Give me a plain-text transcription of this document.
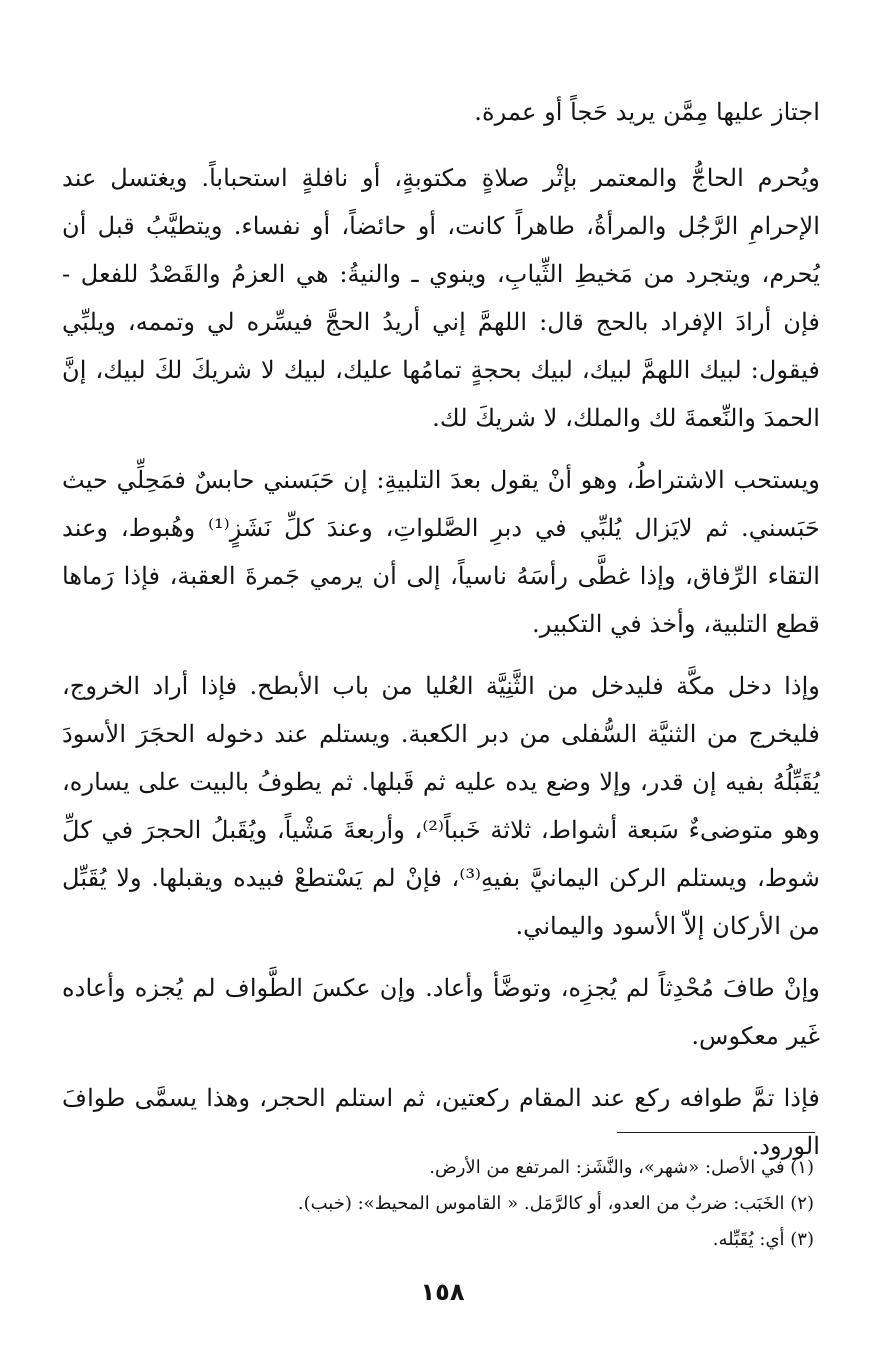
اجتاز عليها مِمَّن يريد حَجاً أو عمرة.

ويُحرم الحاجُّ والمعتمر بإثْر صلاةٍ مكتوبةٍ، أو نافلةٍ استحباباً. ويغتسل عند الإحرامِ الرَّجُل والمرأةُ، طاهراً كانت، أو حائضاً، أو نفساء. ويتطيَّبُ قبل أن يُحرم، ويتجرد من مَخيطِ الثِّيابِ، وينوي ـ والنيةُ: هي العزمُ والقَصْدُ للفعل - فإن أرادَ الإفراد بالحج قال: اللهمَّ إني أريدُ الحجَّ فيسِّره لي وتممه، ويلبِّي فيقول: لبيك اللهمَّ لبيك، لبيك بحجةٍ تمامُها عليك، لبيك لا شريكَ لكَ لبيك، إنَّ الحمدَ والنِّعمةَ لك والملك، لا شريكَ لك.

ويستحب الاشتراطُ، وهو أنْ يقول بعدَ التلبيةِ: إن حَبَسني حابسٌ فمَحِلِّي حيث حَبَسني. ثم لايَزال يُلبِّي في دبرِ الصَّلواتِ، وعندَ كلِّ نَشَزٍ⁽¹⁾ وهُبوط، وعند التقاء الرِّفاق، وإذا غطَّى رأسَهُ ناسياً، إلى أن يرمي جَمرةَ العقبة، فإذا رَماها قطع التلبية، وأخذ في التكبير.

وإذا دخل مكَّة فليدخل من الثَّنِيَّة العُليا من باب الأبطح. فإذا أراد الخروج، فليخرج من الثنيَّة السُّفلى من دبر الكعبة. ويستلم عند دخوله الحجَرَ الأسودَ يُقَبِّلُهُ بفيه إن قدر، وإلا وضع يده عليه ثم قَبلها. ثم يطوفُ بالبيت على يساره، وهو متوضىءٌ سَبعة أشواط، ثلاثة خَبباً⁽²⁾، وأربعةَ مَشْياً، ويُقَبلُ الحجرَ في كلِّ شوط، ويستلم الركن اليمانيَّ بفيهِ⁽³⁾، فإنْ لم يَسْتطعْ فبيده ويقبلها. ولا يُقَبِّل من الأركان إلاّ الأسود واليماني.

وإنْ طافَ مُحْدِثاً لم يُجزِه، وتوضَّأ وأعاد. وإن عكسَ الطَّواف لم يُجزه وأعاده غَير معكوس.

فإذا تمَّ طوافه ركع عند المقام ركعتين، ثم استلم الحجر، وهذا يسمَّى طوافَ الورود.

(١) في الأصل: «شهر»، والنَّشَز: المرتفع من الأرض.

(٢) الخَبَب: ضربٌ من العدو، أو كالرَّمَل. « القاموس المحيط»: (خبب).

(٣) أي: يُقَبِّله.

١٥٨
